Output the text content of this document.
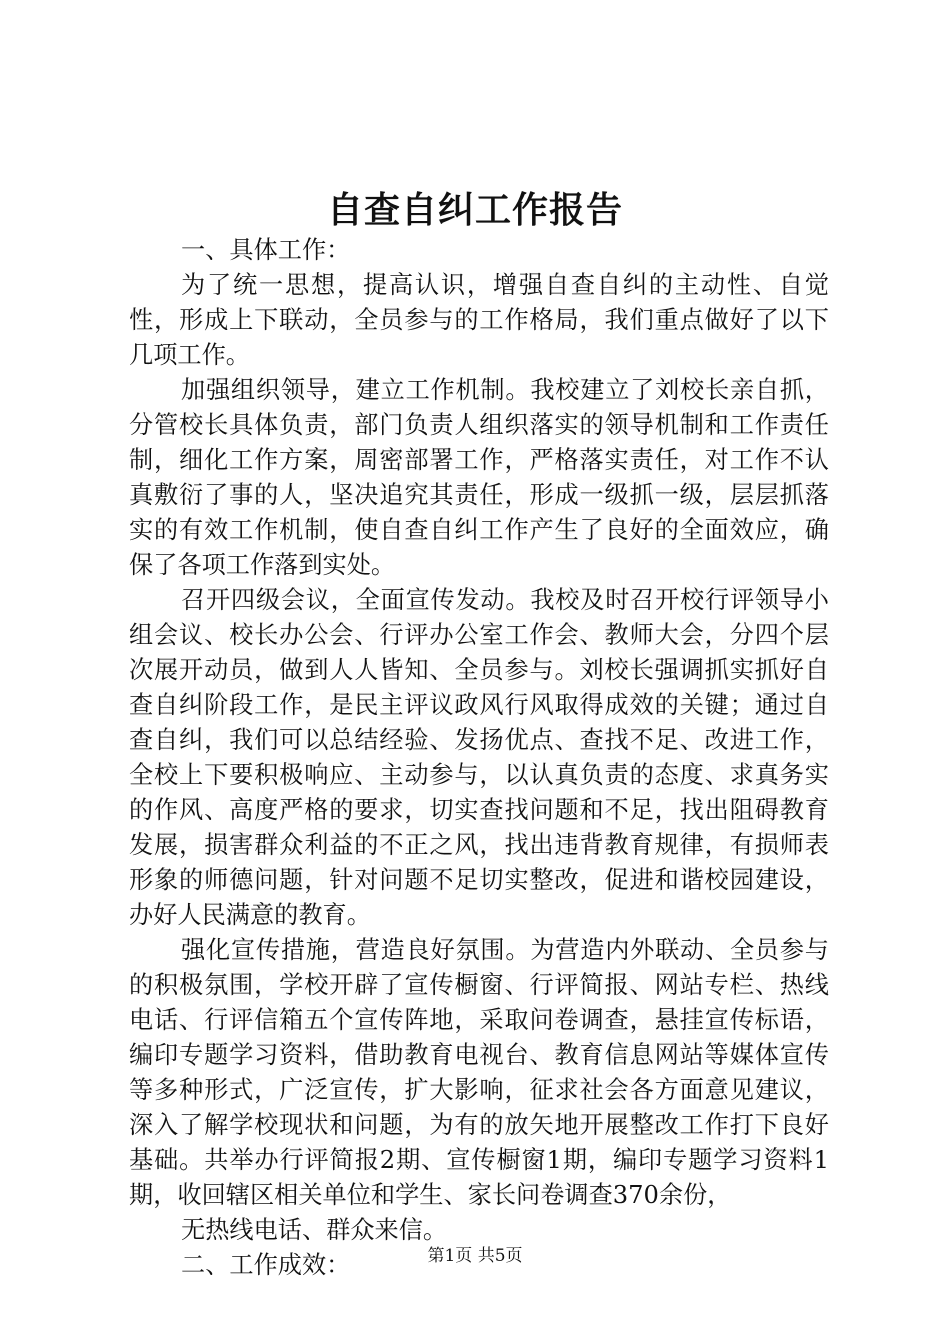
自查自纠工作报告

一、具体工作：

为了统一思想，提高认识，增强自查自纠的主动性、自觉性，形成上下联动，全员参与的工作格局，我们重点做好了以下几项工作。

加强组织领导，建立工作机制。我校建立了刘校长亲自抓，分管校长具体负责，部门负责人组织落实的领导机制和工作责任制，细化工作方案，周密部署工作，严格落实责任，对工作不认真敷衍了事的人，坚决追究其责任，形成一级抓一级，层层抓落实的有效工作机制，使自查自纠工作产生了良好的全面效应，确保了各项工作落到实处。

召开四级会议，全面宣传发动。我校及时召开校行评领导小组会议、校长办公会、行评办公室工作会、教师大会，分四个层次展开动员，做到人人皆知、全员参与。刘校长强调抓实抓好自查自纠阶段工作，是民主评议政风行风取得成效的关键；通过自查自纠，我们可以总结经验、发扬优点、查找不足、改进工作，全校上下要积极响应、主动参与，以认真负责的态度、求真务实的作风、高度严格的要求，切实查找问题和不足，找出阻碍教育发展，损害群众利益的不正之风，找出违背教育规律，有损师表形象的师德问题，针对问题不足切实整改，促进和谐校园建设，办好人民满意的教育。

强化宣传措施，营造良好氛围。为营造内外联动、全员参与的积极氛围，学校开辟了宣传橱窗、行评简报、网站专栏、热线电话、行评信箱五个宣传阵地，采取问卷调查，悬挂宣传标语，编印专题学习资料，借助教育电视台、教育信息网站等媒体宣传等多种形式，广泛宣传，扩大影响，征求社会各方面意见建议，深入了解学校现状和问题，为有的放矢地开展整改工作打下良好基础。共举办行评简报2期、宣传橱窗1期，编印专题学习资料1期，收回辖区相关单位和学生、家长问卷调查370余份，

无热线电话、群众来信。

二、工作成效：	第1页 共5页
